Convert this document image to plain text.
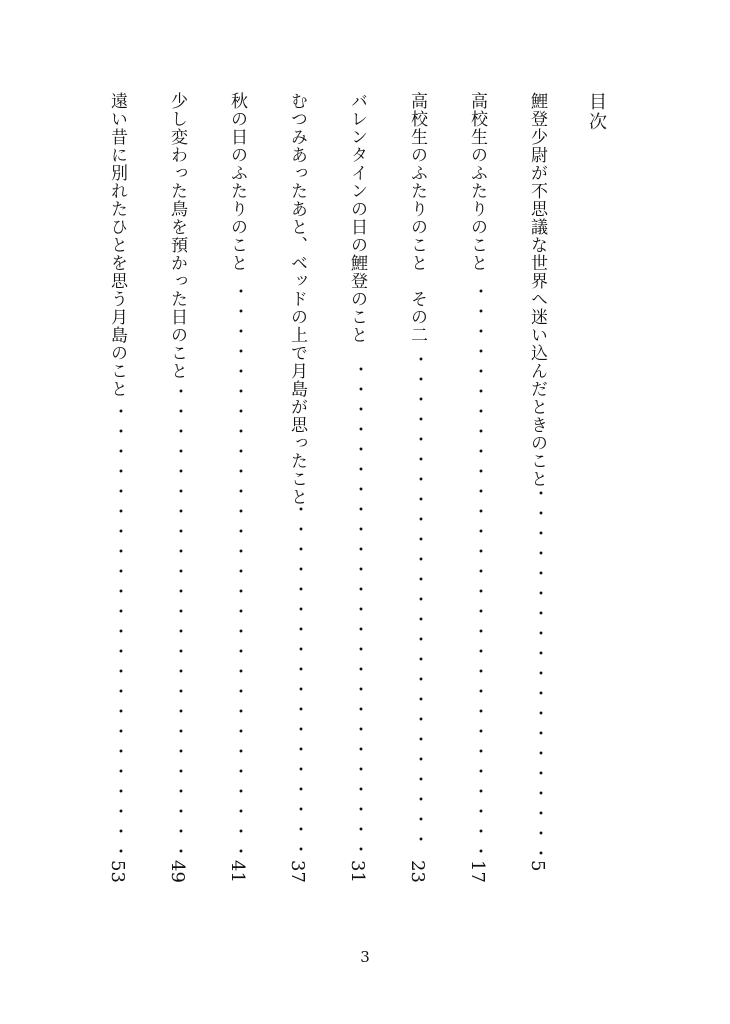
目次
鯉登少尉が不思議な世界へ迷い込んだときのこと
・
・
・
・
・
・
・
・
・
・
・
・
・
・
・
・
・
・
・
5
高校生のふたりのこと
・
・
・
・
・
・
・
・
・
・
・
・
・
・
・
・
・
・
・
・
・
・
・
・
・
・
・
・
・
17
高校生のふたりのこと　その二
・
・
・
・
・
・
・
・
・
・
・
・
・
・
・
・
・
・
・
・
・
・
・
・
・
23
バレンタインの日の鯉登のこと
・
・
・
・
・
・
・
・
・
・
・
・
・
・
・
・
・
・
・
・
・
・
・
・
・
31
むつみあったあと、ベッドの上で月島が思ったこと
・
・
・
・
・
・
・
・
・
・
・
・
・
・
・
・
・
・
37
秋の日のふたりのこと
・
・
・
・
・
・
・
・
・
・
・
・
・
・
・
・
・
・
・
・
・
・
・
・
・
・
・
・
・
41
少し変わった鳥を預かった日のこと
・
・
・
・
・
・
・
・
・
・
・
・
・
・
・
・
・
・
・
・
・
・
・
・
49
遠い昔に別れたひとを思う月島のこと
・
・
・
・
・
・
・
・
・
・
・
・
・
・
・
・
・
・
・
・
・
・
・
53
3
